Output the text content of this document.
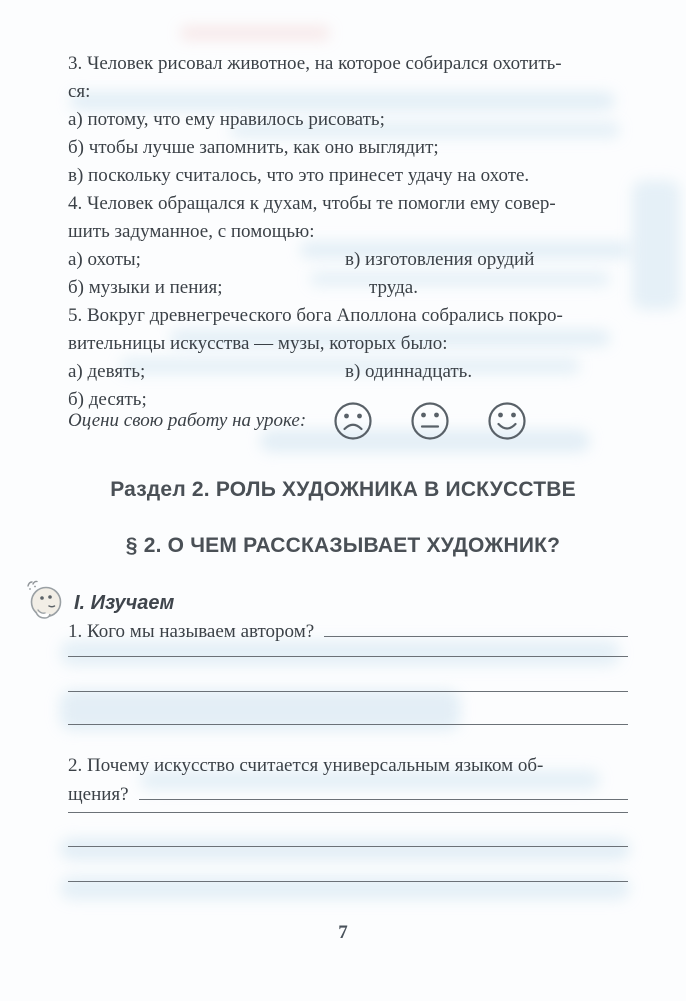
3. Человек рисовал животное, на которое собирался охотить-
ся:
а) потому, что ему нравилось рисовать;
б) чтобы лучше запомнить, как оно выглядит;
в) поскольку считалось, что это принесет удачу на охоте.
4. Человек обращался к духам, чтобы те помогли ему совер-
шить задуманное, с помощью:
а) охоты;	в) изготовления орудий
б) музыки и пения;	труда.
5. Вокруг древнегреческого бога Аполлона собрались покро-
вительницы искусства — музы, которых было:
а) девять;	в) одиннадцать.
б) десять;
Оцени свою работу на уроке:
Раздел 2. РОЛЬ ХУДОЖНИКА В ИСКУССТВЕ
§ 2. О ЧЕМ РАССКАЗЫВАЕТ ХУДОЖНИК?
I. Изучаем
1. Кого мы называем автором?
2. Почему искусство считается универсальным языком об-
щения?
7
